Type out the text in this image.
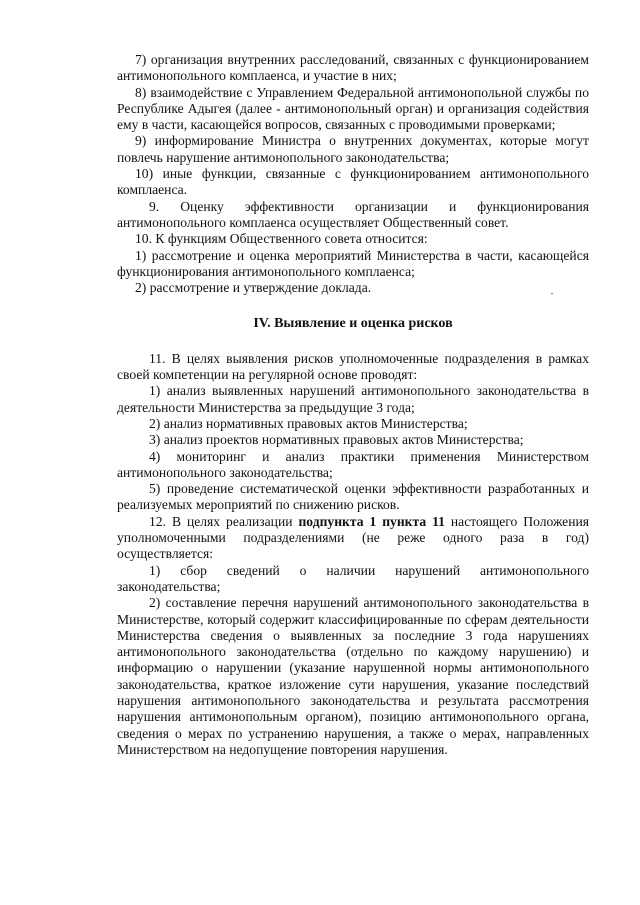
7) организация внутренних расследований, связанных с функционированием антимонопольного комплаенса, и участие в них;

8) взаимодействие с Управлением Федеральной антимонопольной службы по Республике Адыгея (далее - антимонопольный орган) и организация содействия ему в части, касающейся вопросов, связанных с проводимыми проверками;

9) информирование Министра о внутренних документах, которые могут повлечь нарушение антимонопольного законодательства;

10) иные функции, связанные с функционированием антимонопольного комплаенса.

9. Оценку эффективности организации и функционирования антимонопольного комплаенса осуществляет Общественный совет.

10. К функциям Общественного совета относится:

1) рассмотрение и оценка мероприятий Министерства в части, касающейся функционирования антимонопольного комплаенса;

2) рассмотрение и утверждение доклада.

IV. Выявление и оценка рисков

11. В целях выявления рисков уполномоченные подразделения в рамках своей компетенции на регулярной основе проводят:

1) анализ выявленных нарушений антимонопольного законодательства в деятельности Министерства за предыдущие 3 года;

2) анализ нормативных правовых актов Министерства;

3) анализ проектов нормативных правовых актов Министерства;

4) мониторинг и анализ практики применения Министерством антимонопольного законодательства;

5) проведение систематической оценки эффективности разработанных и реализуемых мероприятий по снижению рисков.

12. В целях реализации подпункта 1 пункта 11 настоящего Положения уполномоченными подразделениями (не реже одного раза в год) осуществляется:

1) сбор сведений о наличии нарушений антимонопольного законодательства;

2) составление перечня нарушений антимонопольного законодательства в Министерстве, который содержит классифицированные по сферам деятельности Министерства сведения о выявленных за последние 3 года нарушениях антимонопольного законодательства (отдельно по каждому нарушению) и информацию о нарушении (указание нарушенной нормы антимонопольного законодательства, краткое изложение сути нарушения, указание последствий нарушения антимонопольного законодательства и результата рассмотрения нарушения антимонопольным органом), позицию антимонопольного органа, сведения о мерах по устранению нарушения, а также о мерах, направленных Министерством на недопущение повторения нарушения.
